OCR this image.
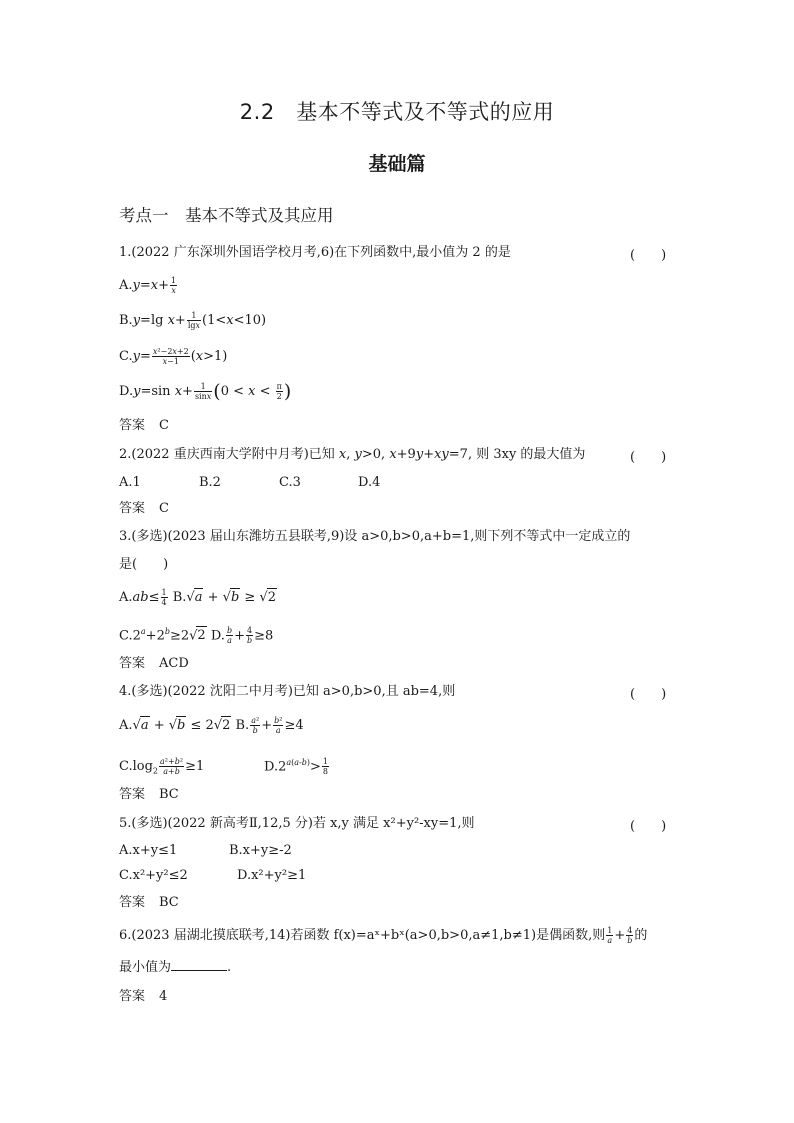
2.2　基本不等式及不等式的应用
基础篇
考点一　基本不等式及其应用
1.(2022 广东深圳外国语学校月考,6)在下列函数中,最小值为 2 的是	(　　)
$A.y=x+ \frac{1}{x}$
B.y=lg $x+ \frac{1}{\lg x} (1<x<10)$
$C.y= \frac{\text{x²−2x+2}}{x-1} (x>1)$
D.y=sin $x+ \frac{1}{\sin x} (0 < x < \frac{\pi}{2}$ )
答案 C
2.(2022 重庆西南大学附中月考)已知 x, y>0, x+9y+xy=7, 则 3xy 的最大值为	(　　)
A.1	B.2	C.3	D.4
答案 C
3.(多选)(2023 届山东潍坊五县联考,9)设 a>0,b>0,a+b=1,则下列不等式中一定成立的
是(　　)
$A.ab\le \frac{1}{4} B.√a + √b \ge √2$
$C.2^a+2^b\ge 2√2$ D. $\frac{b}{a} + \frac{4}{b} \ge 8$
答案 ACD
4.(多选)(2022 沈阳二中月考)已知 a>0,b>0,且 ab=4,则	(　　)
A.√a + √b ≤ 2√2 B. $\frac{\text{a²}}{b} + \frac{\text{b²}}{a} \ge 4$
$C.\log_2 \frac{\text{a²+b²}}{a+b} \ge 1$	$D.2^{a(a-b)}> \frac{1}{8}$
答案 BC
5.(多选)(2022 新高考Ⅱ,12,5 分)若 x,y 满足 x²+y²-xy=1,则	(　　)
A.x+y≤1	B.x+y≥-2
C.x²+y²≤2	D.x²+y²≥1
答案 BC
6.(2023 届湖北摸底联考,14)若函数 f(x)=aˣ+bˣ(a>0,b>0,a≠1,b≠1)是偶函数,则 $\frac{1}{a} + \frac{4}{b}$ 的
最小值为	.
答案 4
